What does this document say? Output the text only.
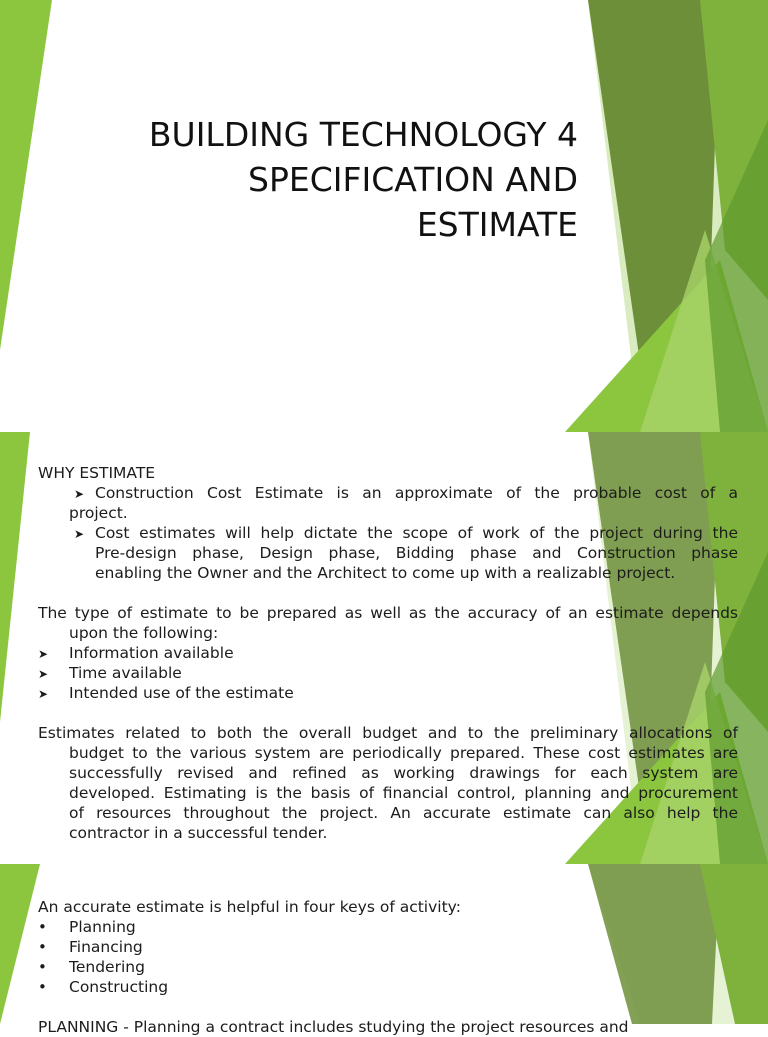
BUILDING TECHNOLOGY 4
SPECIFICATION AND
ESTIMATE
WHY ESTIMATE
➤ Construction Cost Estimate is an approximate of the probable cost of a
project.
➤ Cost estimates will help dictate the scope of work of the project during the
Pre-design phase, Design phase, Bidding phase and Construction phase
enabling the Owner and the Architect to come up with a realizable project.
The type of estimate to be prepared as well as the accuracy of an estimate depends
upon the following:
➤ Information available
➤ Time available
➤ Intended use of the estimate
Estimates related to both the overall budget and to the preliminary allocations of
budget to the various system are periodically prepared. These cost estimates are
successfully revised and refined as working drawings for each system are
developed. Estimating is the basis of financial control, planning and procurement
of resources throughout the project. An accurate estimate can also help the
contractor in a successful tender.
An accurate estimate is helpful in four keys of activity:
• Planning
• Financing
• Tendering
• Constructing
PLANNING - Planning a contract includes studying the project resources and
